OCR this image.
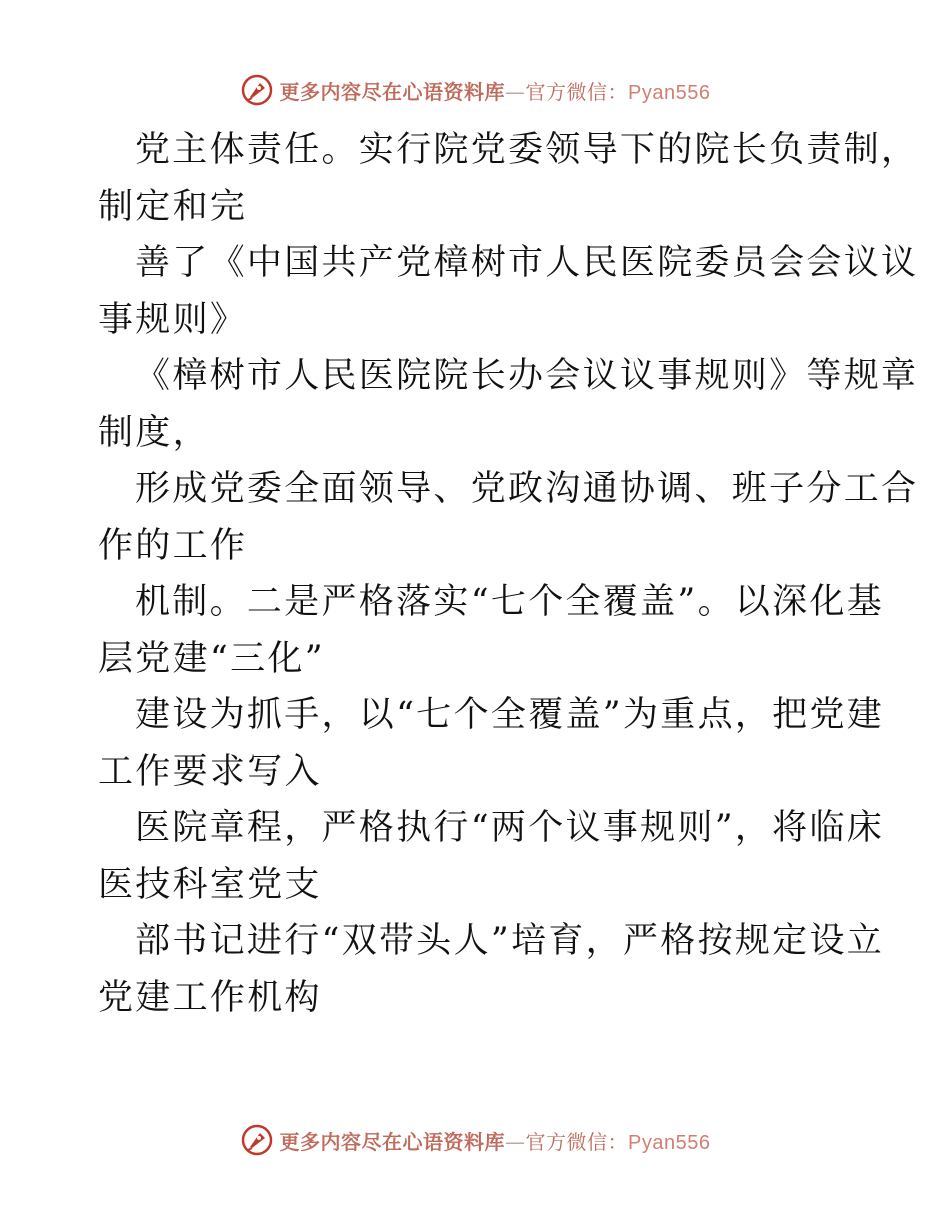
更多内容尽在心语资料库—官方微信：Pyan556

党主体责任。实行院党委领导下的院长负责制，

制定和完

善了《中国共产党樟树市人民医院委员会会议议

事规则》

《樟树市人民医院院长办会议议事规则》等规章

制度，

形成党委全面领导、党政沟通协调、班子分工合

作的工作

机制。二是严格落实“七个全覆盖”。以深化基

层党建“三化”

建设为抓手，以“七个全覆盖”为重点，把党建

工作要求写入

医院章程，严格执行“两个议事规则”，将临床

医技科室党支

部书记进行“双带头人”培育，严格按规定设立

党建工作机构

更多内容尽在心语资料库—官方微信：Pyan556
